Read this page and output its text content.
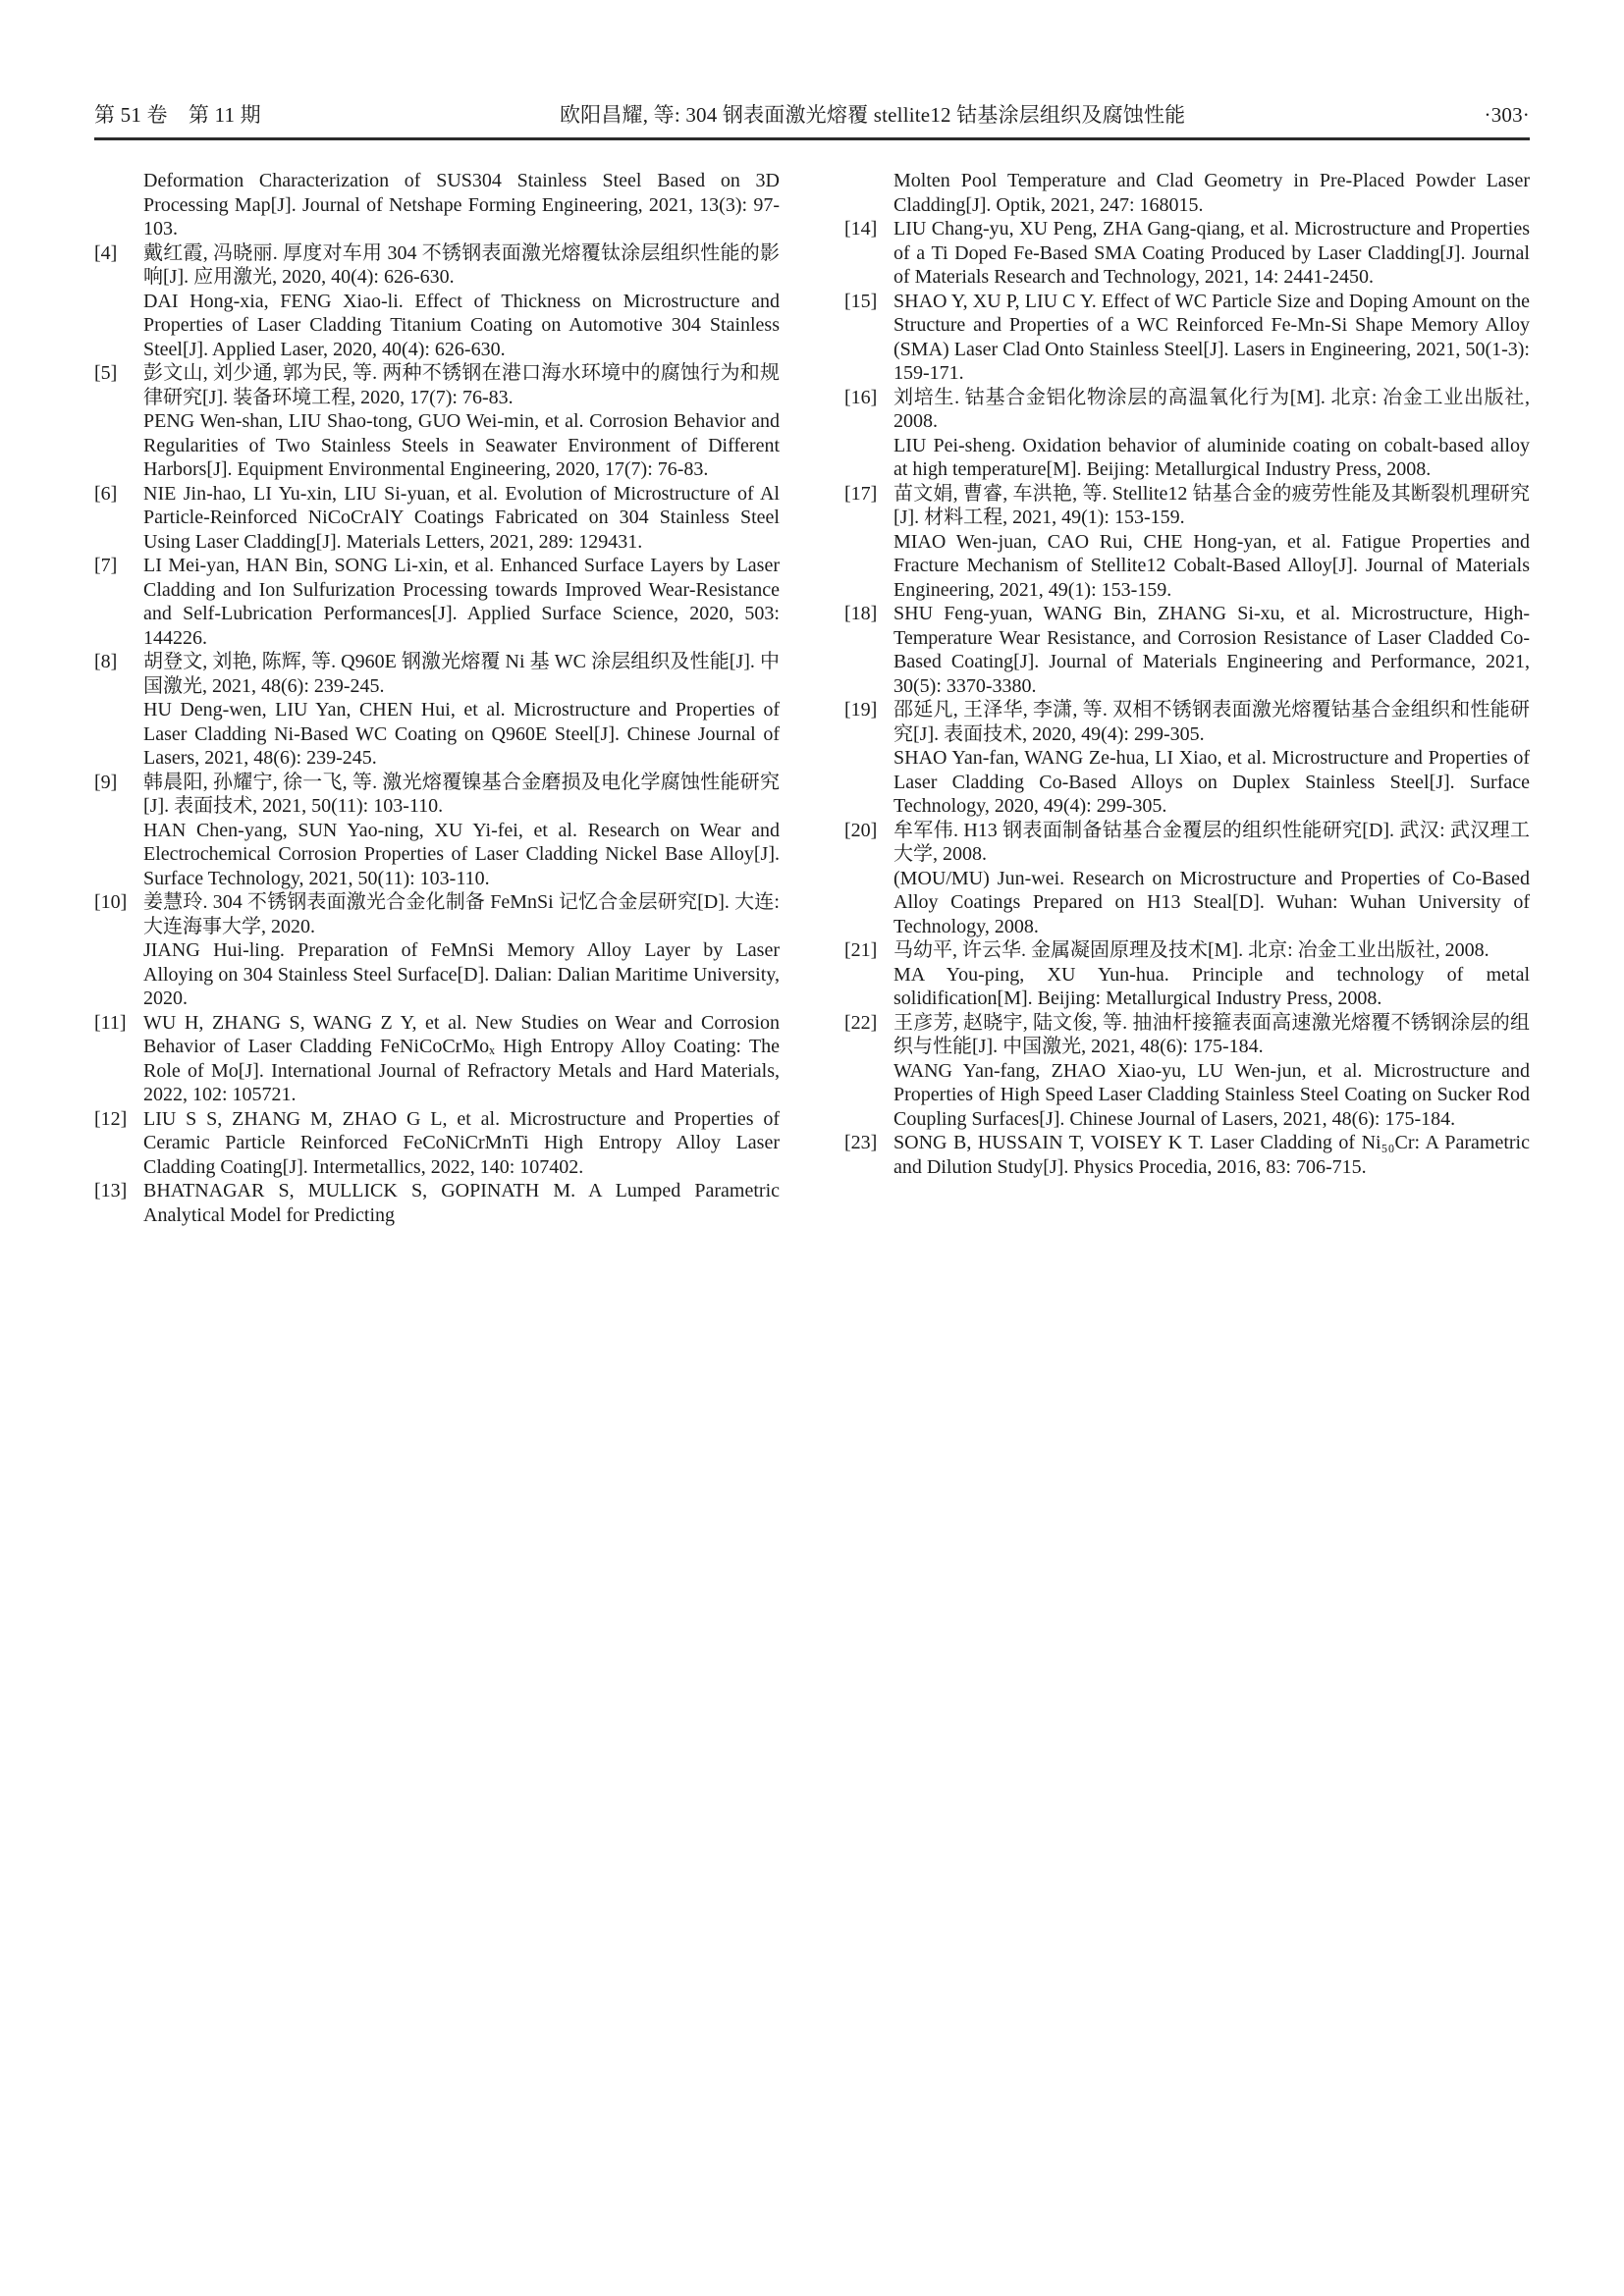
第 51 卷　第 11 期	欧阳昌耀, 等: 304 钢表面激光熔覆 stellite12 钴基涂层组织及腐蚀性能	·303·

Deformation Characterization of SUS304 Stainless Steel Based on 3D Processing Map[J]. Journal of Netshape Forming Engineering, 2021, 13(3): 97-103.

[4]	戴红霞, 冯晓丽. 厚度对车用 304 不锈钢表面激光熔覆钛涂层组织性能的影响[J]. 应用激光, 2020, 40(4): 626-630.

DAI Hong-xia, FENG Xiao-li. Effect of Thickness on Microstructure and Properties of Laser Cladding Titanium Coating on Automotive 304 Stainless Steel[J]. Applied Laser, 2020, 40(4): 626-630.

[5]	彭文山, 刘少通, 郭为民, 等. 两种不锈钢在港口海水环境中的腐蚀行为和规律研究[J]. 装备环境工程, 2020, 17(7): 76-83.

PENG Wen-shan, LIU Shao-tong, GUO Wei-min, et al. Corrosion Behavior and Regularities of Two Stainless Steels in Seawater Environment of Different Harbors[J]. Equipment Environmental Engineering, 2020, 17(7): 76-83.

[6]	NIE Jin-hao, LI Yu-xin, LIU Si-yuan, et al. Evolution of Microstructure of Al Particle-Reinforced NiCoCrAlY Coatings Fabricated on 304 Stainless Steel Using Laser Cladding[J]. Materials Letters, 2021, 289: 129431.

[7]	LI Mei-yan, HAN Bin, SONG Li-xin, et al. Enhanced Surface Layers by Laser Cladding and Ion Sulfurization Processing towards Improved Wear-Resistance and Self-Lubrication Performances[J]. Applied Surface Science, 2020, 503: 144226.

[8]	胡登文, 刘艳, 陈辉, 等. Q960E 钢激光熔覆 Ni 基 WC 涂层组织及性能[J]. 中国激光, 2021, 48(6): 239-245.

HU Deng-wen, LIU Yan, CHEN Hui, et al. Microstructure and Properties of Laser Cladding Ni-Based WC Coating on Q960E Steel[J]. Chinese Journal of Lasers, 2021, 48(6): 239-245.

[9]	韩晨阳, 孙耀宁, 徐一飞, 等. 激光熔覆镍基合金磨损及电化学腐蚀性能研究[J]. 表面技术, 2021, 50(11): 103-110.

HAN Chen-yang, SUN Yao-ning, XU Yi-fei, et al. Research on Wear and Electrochemical Corrosion Properties of Laser Cladding Nickel Base Alloy[J]. Surface Technology, 2021, 50(11): 103-110.

[10] 姜慧玲. 304 不锈钢表面激光合金化制备 FeMnSi 记忆合金层研究[D]. 大连: 大连海事大学, 2020.

JIANG Hui-ling. Preparation of FeMnSi Memory Alloy Layer by Laser Alloying on 304 Stainless Steel Surface[D]. Dalian: Dalian Maritime University, 2020.

[11] WU H, ZHANG S, WANG Z Y, et al. New Studies on Wear and Corrosion Behavior of Laser Cladding FeNiCoCrMoₓ High Entropy Alloy Coating: The Role of Mo[J]. International Journal of Refractory Metals and Hard Materials, 2022, 102: 105721.

[12] LIU S S, ZHANG M, ZHAO G L, et al. Microstructure and Properties of Ceramic Particle Reinforced FeCoNiCrMnTi High Entropy Alloy Laser Cladding Coating[J]. Intermetallics, 2022, 140: 107402.

[13] BHATNAGAR S, MULLICK S, GOPINATH M. A Lumped Parametric Analytical Model for Predicting

Molten Pool Temperature and Clad Geometry in Pre-Placed Powder Laser Cladding[J]. Optik, 2021, 247: 168015.

[14] LIU Chang-yu, XU Peng, ZHA Gang-qiang, et al. Microstructure and Properties of a Ti Doped Fe-Based SMA Coating Produced by Laser Cladding[J]. Journal of Materials Research and Technology, 2021, 14: 2441-2450.

[15] SHAO Y, XU P, LIU C Y. Effect of WC Particle Size and Doping Amount on the Structure and Properties of a WC Reinforced Fe-Mn-Si Shape Memory Alloy (SMA) Laser Clad Onto Stainless Steel[J]. Lasers in Engineering, 2021, 50(1-3): 159-171.

[16] 刘培生. 钴基合金铝化物涂层的高温氧化行为[M]. 北京: 冶金工业出版社, 2008.

LIU Pei-sheng. Oxidation behavior of aluminide coating on cobalt-based alloy at high temperature[M]. Beijing: Metallurgical Industry Press, 2008.

[17] 苗文娟, 曹睿, 车洪艳, 等. Stellite12 钴基合金的疲劳性能及其断裂机理研究[J]. 材料工程, 2021, 49(1): 153-159.

MIAO Wen-juan, CAO Rui, CHE Hong-yan, et al. Fatigue Properties and Fracture Mechanism of Stellite12 Cobalt-Based Alloy[J]. Journal of Materials Engineering, 2021, 49(1): 153-159.

[18] SHU Feng-yuan, WANG Bin, ZHANG Si-xu, et al. Microstructure, High-Temperature Wear Resistance, and Corrosion Resistance of Laser Cladded Co-Based Coating[J]. Journal of Materials Engineering and Performance, 2021, 30(5): 3370-3380.

[19] 邵延凡, 王泽华, 李潇, 等. 双相不锈钢表面激光熔覆钴基合金组织和性能研究[J]. 表面技术, 2020, 49(4): 299-305.

SHAO Yan-fan, WANG Ze-hua, LI Xiao, et al. Microstructure and Properties of Laser Cladding Co-Based Alloys on Duplex Stainless Steel[J]. Surface Technology, 2020, 49(4): 299-305.

[20] 牟军伟. H13 钢表面制备钴基合金覆层的组织性能研究[D]. 武汉: 武汉理工大学, 2008.

(MOU/MU) Jun-wei. Research on Microstructure and Properties of Co-Based Alloy Coatings Prepared on H13 Steal[D]. Wuhan: Wuhan University of Technology, 2008.

[21] 马幼平, 许云华. 金属凝固原理及技术[M]. 北京: 冶金工业出版社, 2008.

MA You-ping, XU Yun-hua. Principle and technology of metal solidification[M]. Beijing: Metallurgical Industry Press, 2008.

[22] 王彦芳, 赵晓宇, 陆文俊, 等. 抽油杆接箍表面高速激光熔覆不锈钢涂层的组织与性能[J]. 中国激光, 2021, 48(6): 175-184.

WANG Yan-fang, ZHAO Xiao-yu, LU Wen-jun, et al. Microstructure and Properties of High Speed Laser Cladding Stainless Steel Coating on Sucker Rod Coupling Surfaces[J]. Chinese Journal of Lasers, 2021, 48(6): 175-184.

[23] SONG B, HUSSAIN T, VOISEY K T. Laser Cladding of Ni₅₀Cr: A Parametric and Dilution Study[J]. Physics Procedia, 2016, 83: 706-715.
